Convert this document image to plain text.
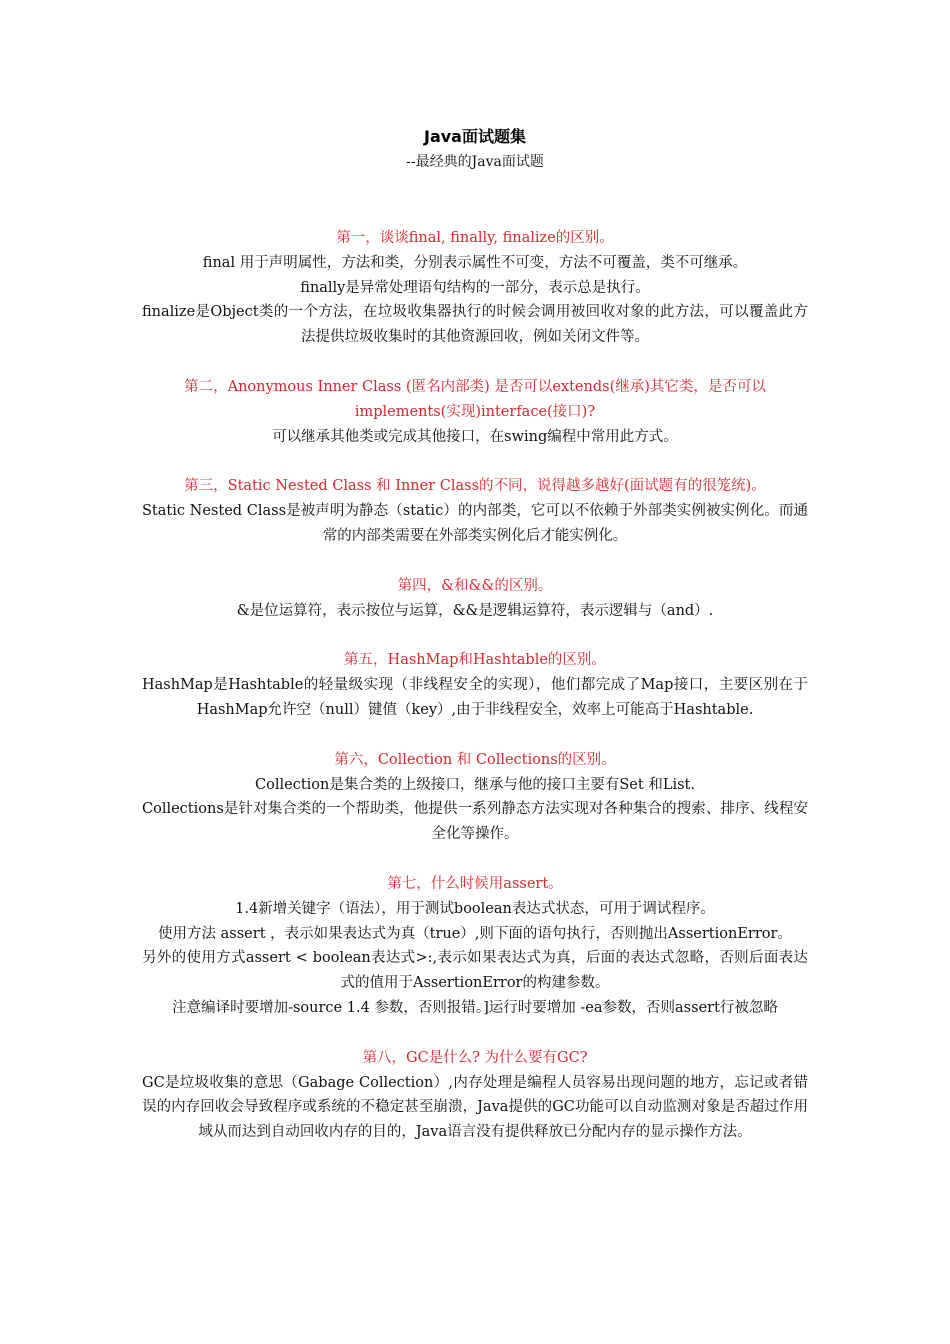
Java面试题集
--最经典的Java面试题
第一，谈谈final, finally, finalize的区别。
final 用于声明属性，方法和类，分别表示属性不可变，方法不可覆盖，类不可继承。
finally是异常处理语句结构的一部分，表示总是执行。
finalize是Object类的一个方法，在垃圾收集器执行的时候会调用被回收对象的此方法，可以覆盖此方法提供垃圾收集时的其他资源回收，例如关闭文件等。
第二，Anonymous Inner Class (匿名内部类) 是否可以extends(继承)其它类，是否可以implements(实现)interface(接口)?
可以继承其他类或完成其他接口，在swing编程中常用此方式。
第三，Static Nested Class 和 Inner Class的不同，说得越多越好(面试题有的很笼统)。
Static Nested Class是被声明为静态（static）的内部类，它可以不依赖于外部类实例被实例化。而通常的内部类需要在外部类实例化后才能实例化。
第四，&和&&的区别。
&是位运算符，表示按位与运算，&&是逻辑运算符，表示逻辑与（and）.
第五，HashMap和Hashtable的区别。
HashMap是Hashtable的轻量级实现（非线程安全的实现），他们都完成了Map接口，主要区别在于HashMap允许空（null）键值（key）,由于非线程安全，效率上可能高于Hashtable.
第六，Collection 和 Collections的区别。
Collection是集合类的上级接口，继承与他的接口主要有Set 和List.
Collections是针对集合类的一个帮助类，他提供一系列静态方法实现对各种集合的搜索、排序、线程安全化等操作。
第七，什么时候用assert。
1.4新增关键字（语法），用于测试boolean表达式状态，可用于调试程序。
使用方法 assert ，表示如果表达式为真（true）,则下面的语句执行，否则抛出AssertionError。
另外的使用方式assert < boolean表达式>:,表示如果表达式为真，后面的表达式忽略，否则后面表达式的值用于AssertionError的构建参数。
注意编译时要增加-source 1.4 参数，否则报错。]运行时要增加 -ea参数，否则assert行被忽略
第八，GC是什么? 为什么要有GC?
GC是垃圾收集的意思（Gabage Collection）,内存处理是编程人员容易出现问题的地方，忘记或者错误的内存回收会导致程序或系统的不稳定甚至崩溃，Java提供的GC功能可以自动监测对象是否超过作用域从而达到自动回收内存的目的，Java语言没有提供释放已分配内存的显示操作方法。
